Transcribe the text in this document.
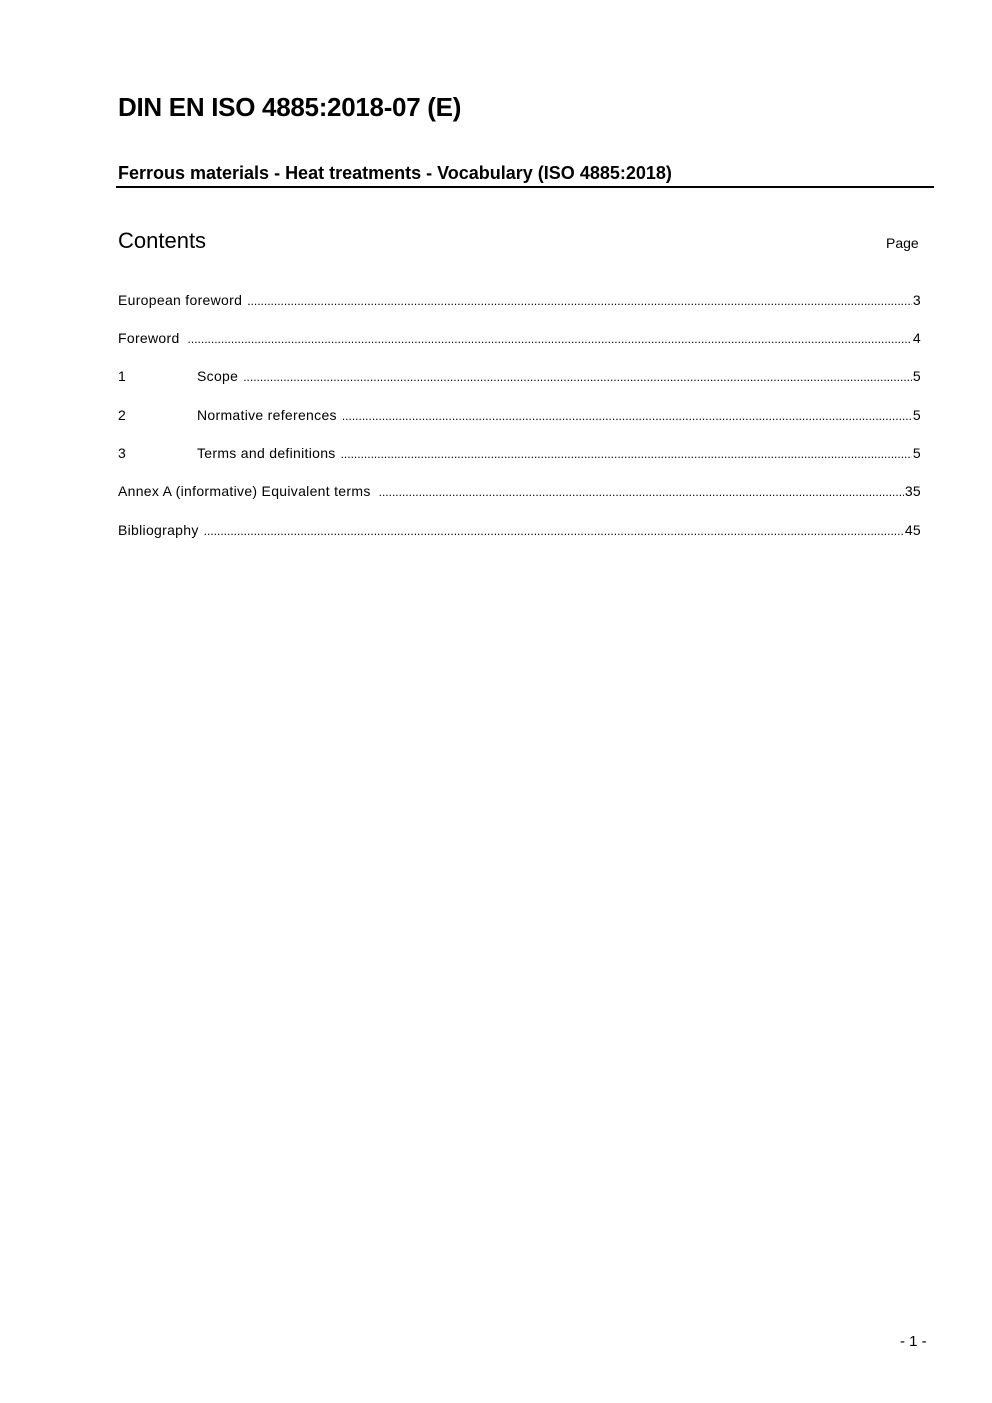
DIN EN ISO 4885:2018-07 (E)
Ferrous materials - Heat treatments - Vocabulary (ISO 4885:2018)
Contents	Page
European foreword .....	3
Foreword .....	4
1	Scope .....	5
2	Normative references .....	5
3	Terms and definitions .....	5
Annex A (informative) Equivalent terms .....	35
Bibliography .....	45
- 1 -
